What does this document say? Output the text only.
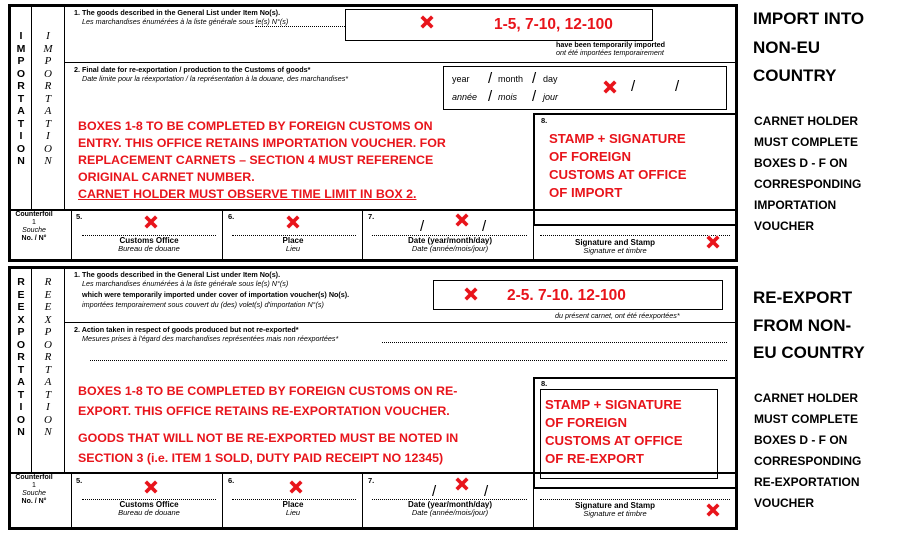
I
M
P
O
R
T
A
T
I
O
N
I
M
P
O
R
T
A
T
I
O
N
1. The goods described in the General List under Item No(s).
Les marchandises énumérées à la liste générale sous le(s) N°(s)	1-5, 7-10, 12-100
have been temporarily imported
ont été importées temporairement
2. Final date for re-exportation / production to the Customs of goods*
Date limite pour la réexportation / la représentation à la douane, des marchandises*	year / month / day
année / mois / jour
/	/
BOXES 1-8 TO BE COMPLETED BY FOREIGN CUSTOMS ON
ENTRY. THIS OFFICE RETAINS IMPORTATION VOUCHER. FOR
REPLACEMENT CARNETS – SECTION 4 MUST REFERENCE
ORIGINAL CARNET NUMBER.
CARNET HOLDER MUST OBSERVE TIME LIMIT IN BOX 2.
8.
STAMP + SIGNATURE
OF FOREIGN
CUSTOMS AT OFFICE
OF IMPORT
Counterfoil
1
Souche
No. / N°
5.
Customs Office
Bureau de douane
6.
Place
Lieu
7.
/	/
Date (year/month/day)
Date (année/mois/jour)
Signature and Stamp
Signature et timbre
R
E
E
X
P
O
R
T
A
T
I
O
N
R
E
E
X
P
O
R
T
A
T
I
O
N
1. The goods described in the General List under Item No(s).
Les marchandises énumérées à la liste générale sous le(s) N°(s)
which were temporarily imported under cover of importation voucher(s) No(s).
importées temporairement sous couvert du (des) volet(s) d'importation N°(s)
2-5. 7-10. 12-100
du présent carnet, ont été réexportées*
2. Action taken in respect of goods produced but not re-exported*
Mesures prises à l'égard des marchandises représentées mais non réexportées*
BOXES 1-8 TO BE COMPLETED BY FOREIGN CUSTOMS ON RE-
EXPORT. THIS OFFICE RETAINS RE-EXPORTATION VOUCHER.
GOODS THAT WILL NOT BE RE-EXPORTED MUST BE NOTED IN
SECTION 3 (i.e. ITEM 1 SOLD, DUTY PAID RECEIPT NO 12345)
8.
STAMP + SIGNATURE
OF FOREIGN
CUSTOMS AT OFFICE
OF RE-EXPORT
Counterfoil
1
Souche
No. / N°
5.
Customs Office
Bureau de douane
6.
Place
Lieu
7.
/	/
Date (year/month/day)
Date (année/mois/jour)
Signature and Stamp
Signature et timbre
IMPORT INTO
NON-EU
COUNTRY
CARNET HOLDER
MUST COMPLETE
BOXES D - F ON
CORRESPONDING
IMPORTATION
VOUCHER
RE-EXPORT
FROM NON-
EU COUNTRY
CARNET HOLDER
MUST COMPLETE
BOXES D - F ON
CORRESPONDING
RE-EXPORTATION
VOUCHER
